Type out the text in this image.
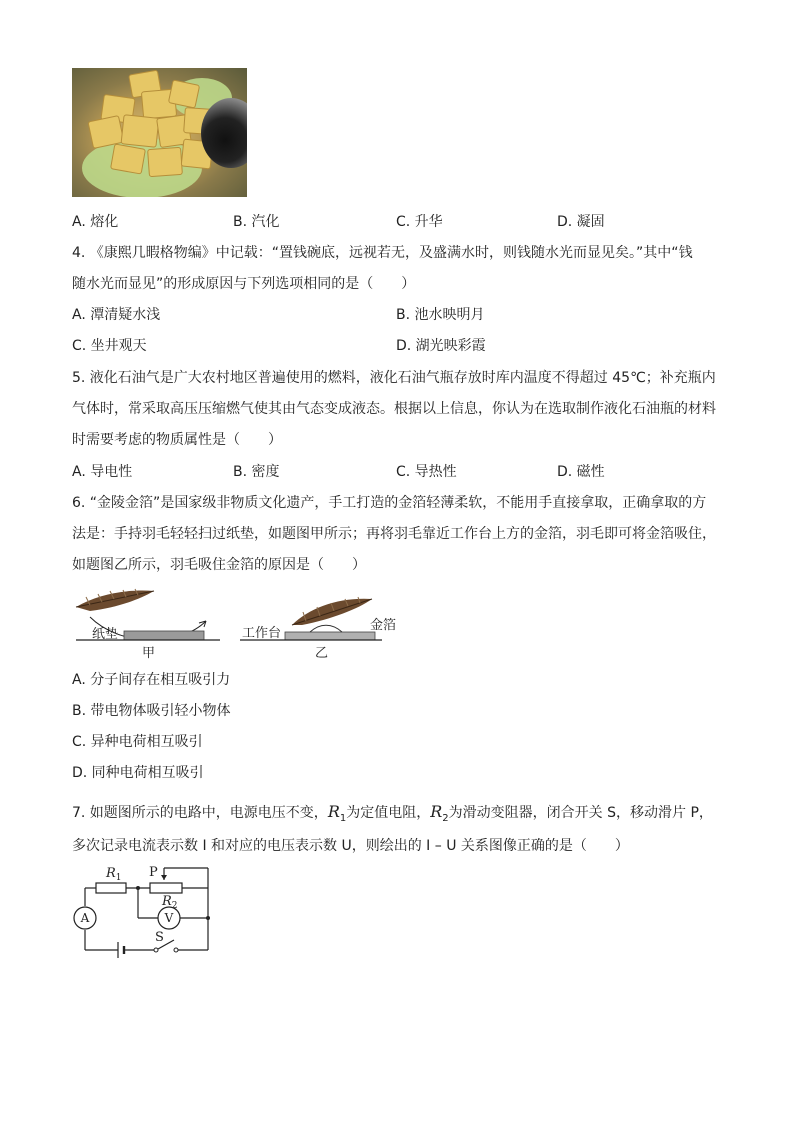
A. 熔化	B. 汽化	C. 升华	D. 凝固
4. 《康熙几暇格物编》中记载：“置钱碗底，远视若无，及盛满水时，则钱随水光而显见矣。”其中“钱
随水光而显见”的形成原因与下列选项相同的是（　　）
A. 潭清疑水浅	B. 池水映明月
C. 坐井观天	D. 湖光映彩霞
5. 液化石油气是广大农村地区普遍使用的燃料，液化石油气瓶存放时库内温度不得超过 45℃；补充瓶内
气体时，常采取高压压缩燃气使其由气态变成液态。根据以上信息，你认为在选取制作液化石油瓶的材料
时需要考虑的物质属性是（　　）
A. 导电性	B. 密度	C. 导热性	D. 磁性
6. “金陵金箔”是国家级非物质文化遗产，手工打造的金箔轻薄柔软，不能用手直接拿取，正确拿取的方
法是：手持羽毛轻轻扫过纸垫，如题图甲所示；再将羽毛靠近工作台上方的金箔，羽毛即可将金箔吸住，
如题图乙所示，羽毛吸住金箔的原因是（　　）
纸垫
甲
工作台
金箔
乙
A. 分子间存在相互吸引力
B. 带电物体吸引轻小物体
C. 异种电荷相互吸引
D. 同种电荷相互吸引
7. 如题图所示的电路中，电源电压不变，$R_1$为定值电阻，$R_2$为滑动变阻器，闭合开关 S，移动滑片 P，
多次记录电流表示数 I 和对应的电压表示数 U，则绘出的 I – U 关系图像正确的是（　　）
$R_1$ P
$R_2$
A	V
S
